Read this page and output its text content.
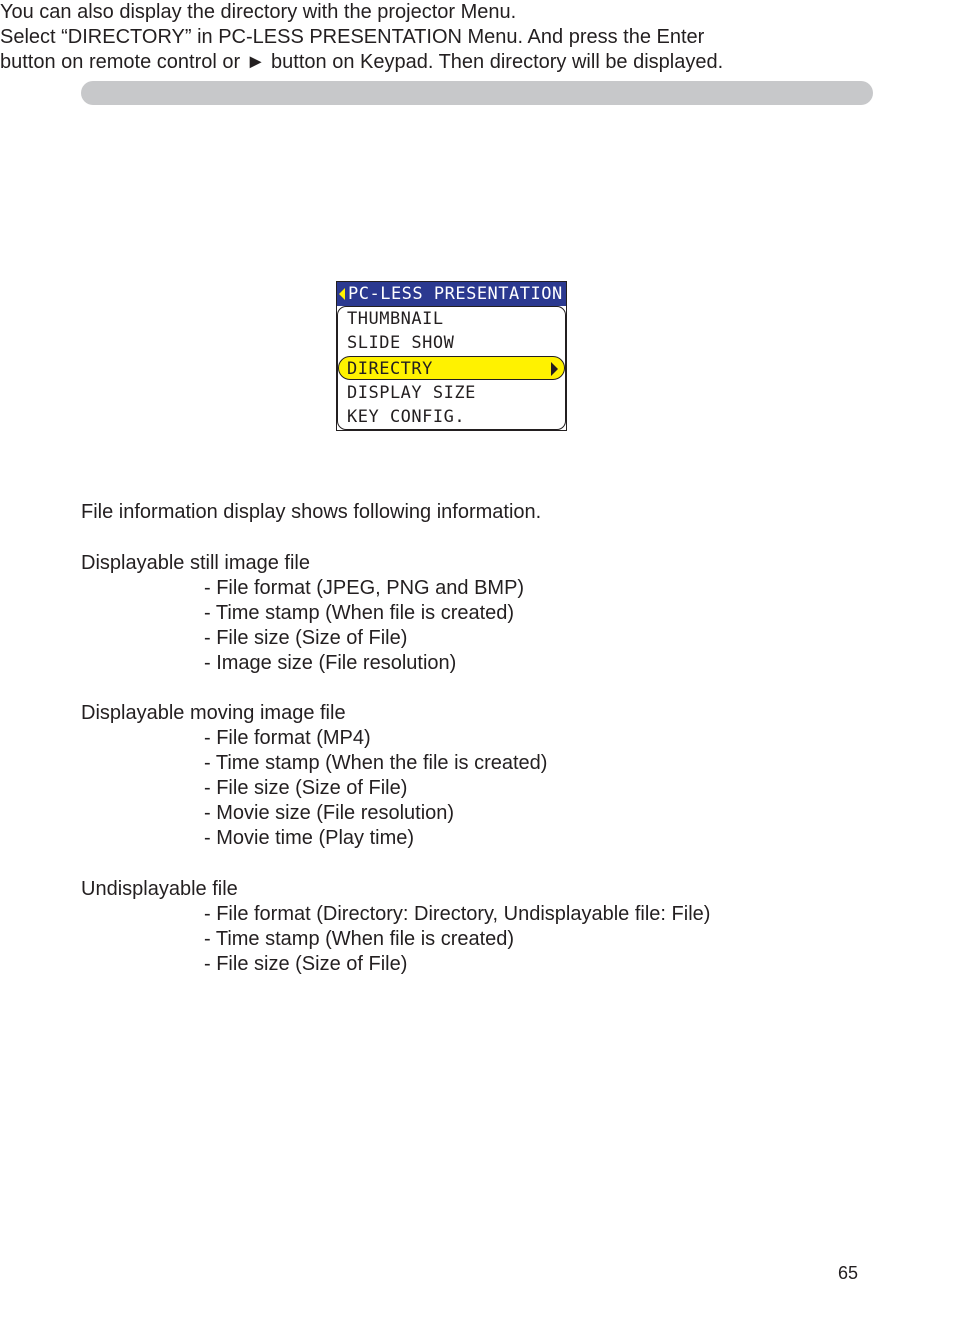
You can also display the directory with the projector Menu.

Select “DIRECTORY” in PC-LESS PRESENTATION Menu. And press the Enter

button on remote control or ► button on Keypad. Then directory will be displayed.

PC-LESS PRESENTATION
THUMBNAIL
SLIDE SHOW
DIRECTRY
DISPLAY SIZE
KEY CONFIG.

File information display shows following information.

Displayable still image file
- File format (JPEG, PNG and BMP)
- Time stamp (When file is created)
- File size (Size of File)
- Image size (File resolution)
Displayable moving image file
- File format (MP4)
- Time stamp (When the file is created)
- File size (Size of File)
- Movie size (File resolution)
- Movie time (Play time)
Undisplayable file
- File format (Directory: Directory, Undisplayable file: File)
- Time stamp (When file is created)
- File size (Size of File)
65
